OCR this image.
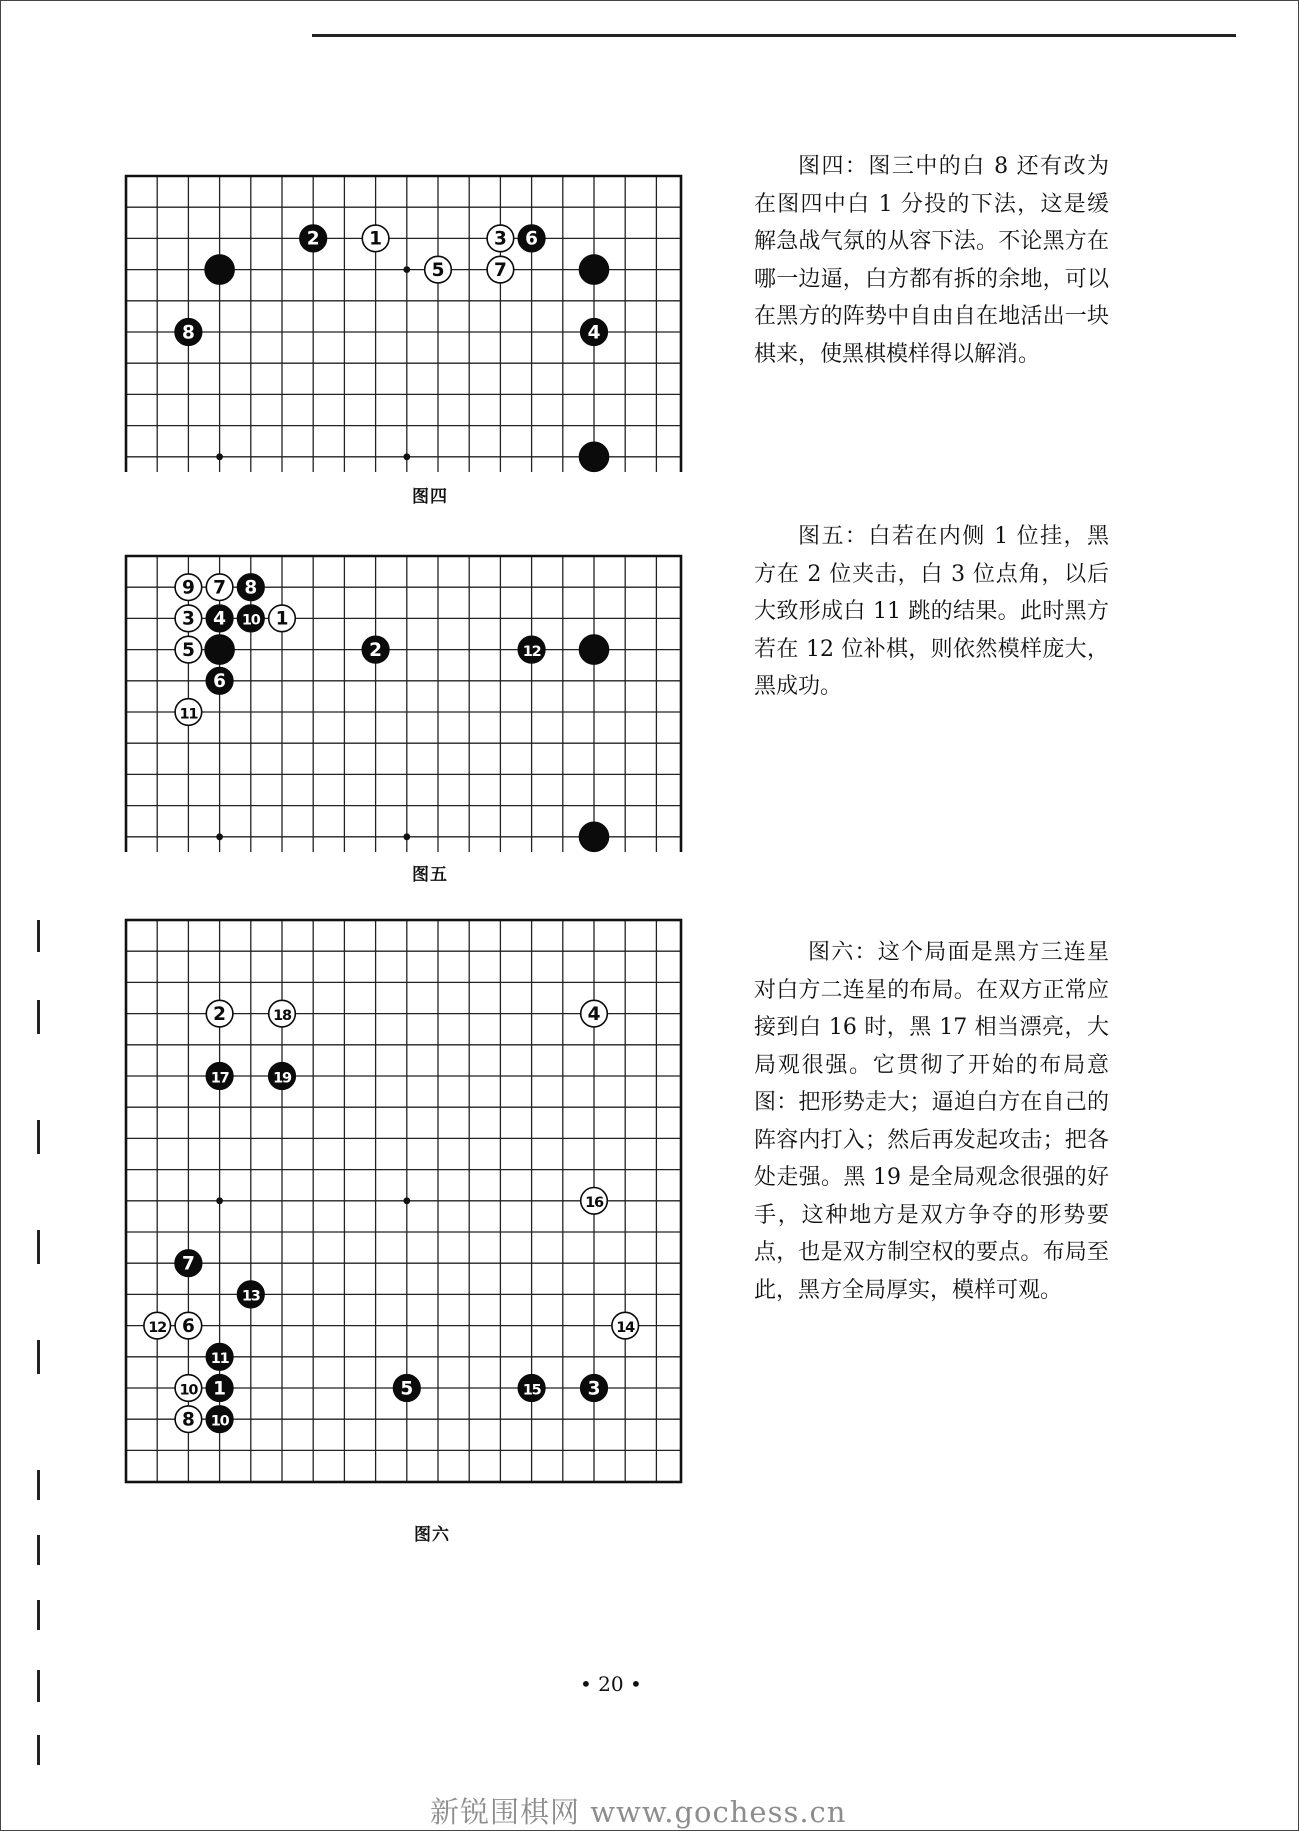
2	1
5
3 6
7
8	4
图四

图四：图三中的白 8 还有改为在图四中白 1 分投的下法，这是缓解急战气氛的从容下法。不论黑方在哪一边逼，白方都有拆的余地，可以在黑方的阵势中自由自在地活出一块棋来，使黑棋模样得以解消。

9 7 8
3 4 10 1
5	2	12
6
11
图五

图五：白若在内侧 1 位挂，黑方在 2 位夹击，白 3 位点角，以后大致形成白 11 跳的结果。此时黑方若在 12 位补棋，则依然模样庞大，黑成功。

2	18	4
17	19
16
7
13
12 6	14
11
10 1	5	15	3
8 10
图六

图六：这个局面是黑方三连星对白方二连星的布局。在双方正常应接到白 16 时，黑 17 相当漂亮，大局观很强。它贯彻了开始的布局意图：把形势走大；逼迫白方在自己的阵容内打入；然后再发起攻击；把各处走强。黑 19 是全局观念很强的好手，这种地方是双方争夺的形势要点，也是双方制空权的要点。布局至此，黑方全局厚实，模样可观。

• 20 •
新锐围棋网 www.gochess.cn
